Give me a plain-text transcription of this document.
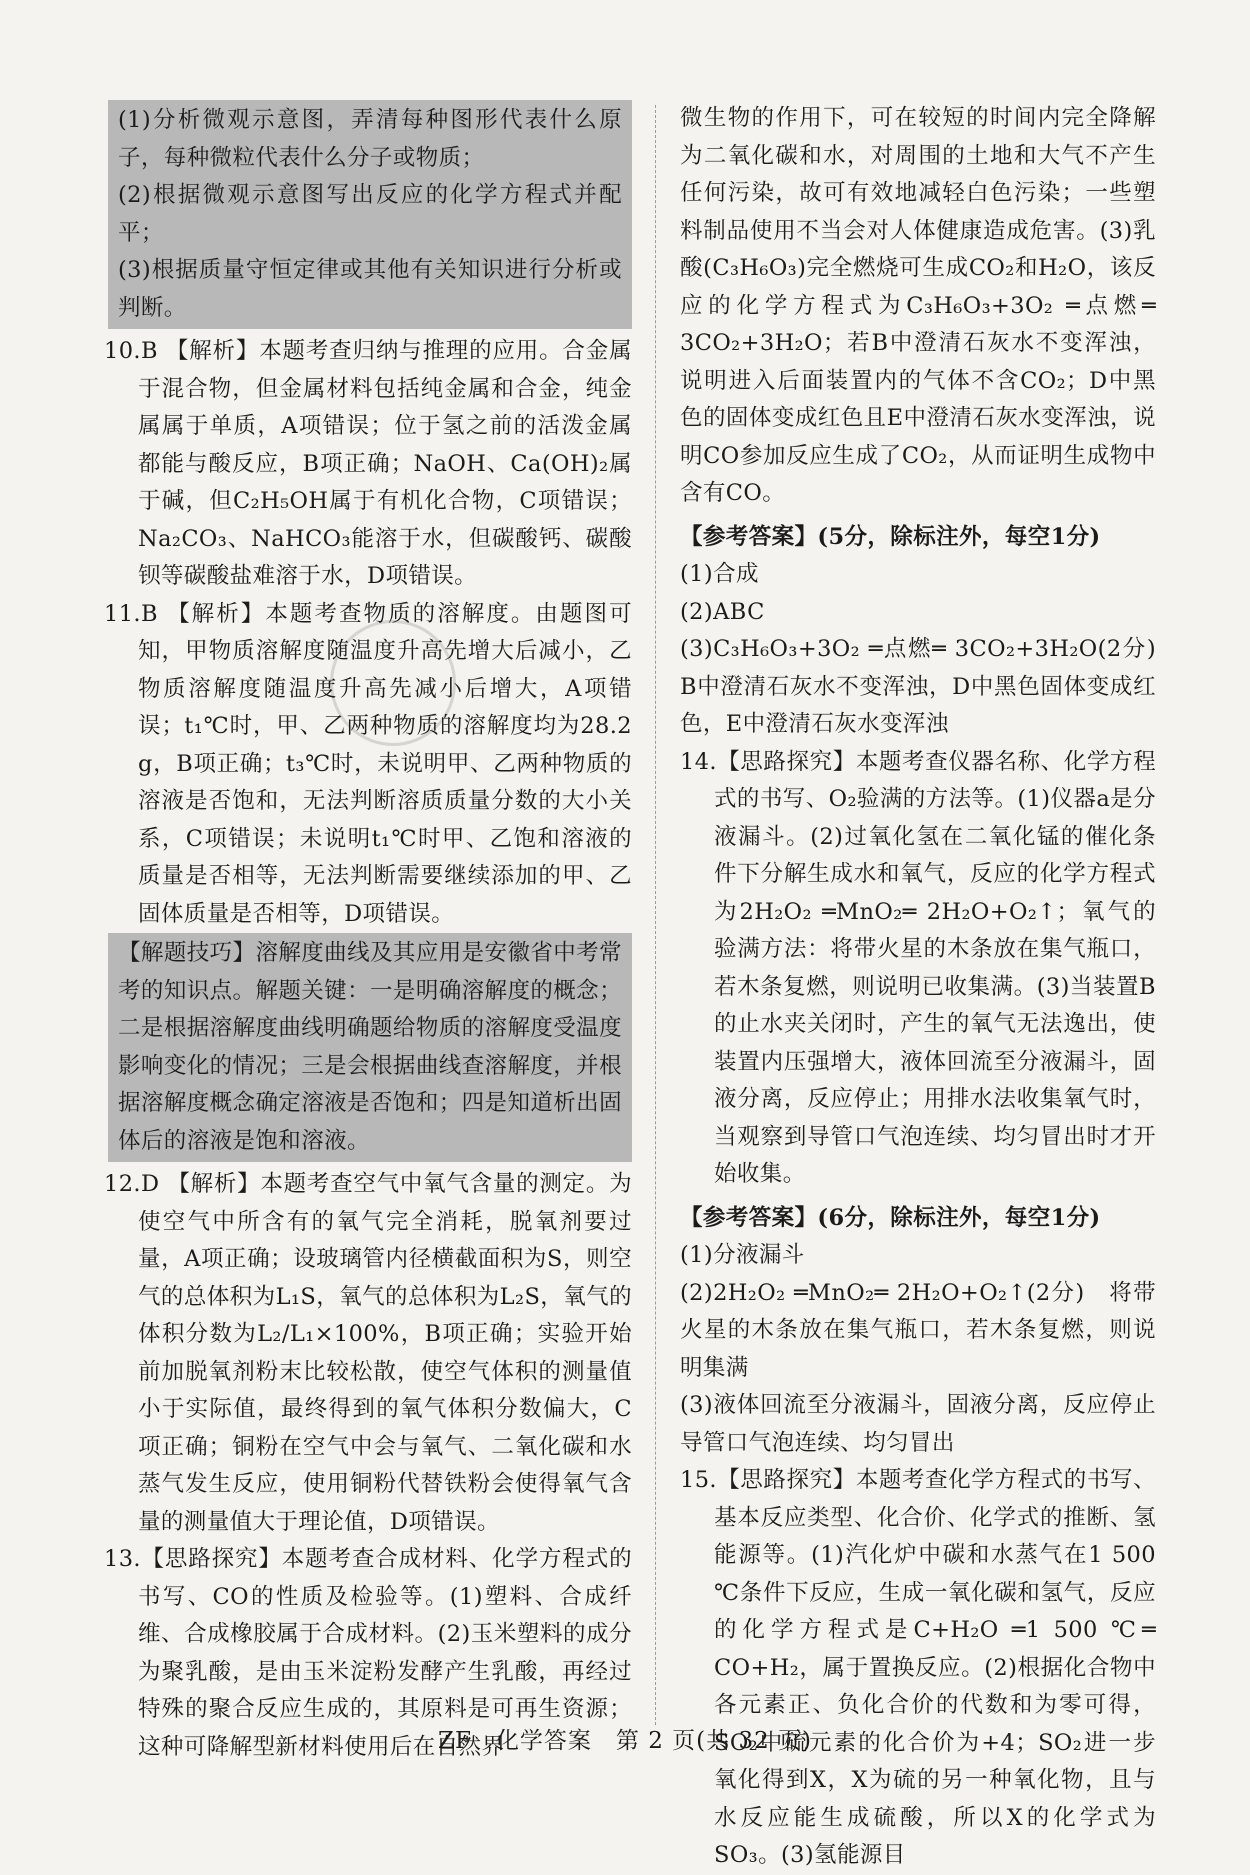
(1)分析微观示意图，弄清每种图形代表什么原子，每种微粒代表什么分子或物质；

(2)根据微观示意图写出反应的化学方程式并配平；

(3)根据质量守恒定律或其他有关知识进行分析或判断。

10.B 【解析】本题考查归纳与推理的应用。合金属于混合物，但金属材料包括纯金属和合金，纯金属属于单质，A项错误；位于氢之前的活泼金属都能与酸反应，B项正确；NaOH、Ca(OH)₂属于碱，但C₂H₅OH属于有机化合物，C项错误；Na₂CO₃、NaHCO₃能溶于水，但碳酸钙、碳酸钡等碳酸盐难溶于水，D项错误。

11.B 【解析】本题考查物质的溶解度。由题图可知，甲物质溶解度随温度升高先增大后减小，乙物质溶解度随温度升高先减小后增大，A项错误；t₁℃时，甲、乙两种物质的溶解度均为28.2 g，B项正确；t₃℃时，未说明甲、乙两种物质的溶液是否饱和，无法判断溶质质量分数的大小关系，C项错误；未说明t₁℃时甲、乙饱和溶液的质量是否相等，无法判断需要继续添加的甲、乙固体质量是否相等，D项错误。

【解题技巧】溶解度曲线及其应用是安徽省中考常考的知识点。解题关键：一是明确溶解度的概念；二是根据溶解度曲线明确题给物质的溶解度受温度影响变化的情况；三是会根据曲线查溶解度，并根据溶解度概念确定溶液是否饱和；四是知道析出固体后的溶液是饱和溶液。

12.D 【解析】本题考查空气中氧气含量的测定。为使空气中所含有的氧气完全消耗，脱氧剂要过量，A项正确；设玻璃管内径横截面积为S，则空气的总体积为L₁S，氧气的总体积为L₂S，氧气的体积分数为L₂/L₁×100%，B项正确；实验开始前加脱氧剂粉末比较松散，使空气体积的测量值小于实际值，最终得到的氧气体积分数偏大，C项正确；铜粉在空气中会与氧气、二氧化碳和水蒸气发生反应，使用铜粉代替铁粉会使得氧气含量的测量值大于理论值，D项错误。

13.【思路探究】本题考查合成材料、化学方程式的书写、CO的性质及检验等。(1)塑料、合成纤维、合成橡胶属于合成材料。(2)玉米塑料的成分为聚乳酸，是由玉米淀粉发酵产生乳酸，再经过特殊的聚合反应生成的，其原料是可再生资源；这种可降解型新材料使用后在自然界

微生物的作用下，可在较短的时间内完全降解为二氧化碳和水，对周围的土地和大气不产生任何污染，故可有效地减轻白色污染；一些塑料制品使用不当会对人体健康造成危害。(3)乳酸(C₃H₆O₃)完全燃烧可生成CO₂和H₂O，该反应的化学方程式为C₃H₆O₃+3O₂ ═点燃═ 3CO₂+3H₂O；若B中澄清石灰水不变浑浊，说明进入后面装置内的气体不含CO₂；D中黑色的固体变成红色且E中澄清石灰水变浑浊，说明CO参加反应生成了CO₂，从而证明生成物中含有CO。

【参考答案】(5分，除标注外，每空1分)

(1)合成

(2)ABC

(3)C₃H₆O₃+3O₂ ═点燃═ 3CO₂+3H₂O(2分)　B中澄清石灰水不变浑浊，D中黑色固体变成红色，E中澄清石灰水变浑浊

14.【思路探究】本题考查仪器名称、化学方程式的书写、O₂验满的方法等。(1)仪器a是分液漏斗。(2)过氧化氢在二氧化锰的催化条件下分解生成水和氧气，反应的化学方程式为2H₂O₂ ═MnO₂═ 2H₂O+O₂↑；氧气的验满方法：将带火星的木条放在集气瓶口，若木条复燃，则说明已收集满。(3)当装置B的止水夹关闭时，产生的氧气无法逸出，使装置内压强增大，液体回流至分液漏斗，固液分离，反应停止；用排水法收集氧气时，当观察到导管口气泡连续、均匀冒出时才开始收集。

【参考答案】(6分，除标注外，每空1分)

(1)分液漏斗

(2)2H₂O₂ ═MnO₂═ 2H₂O+O₂↑(2分)　将带火星的木条放在集气瓶口，若木条复燃，则说明集满

(3)液体回流至分液漏斗，固液分离，反应停止　导管口气泡连续、均匀冒出

15.【思路探究】本题考查化学方程式的书写、基本反应类型、化合价、化学式的推断、氢能源等。(1)汽化炉中碳和水蒸气在1 500 ℃条件下反应，生成一氧化碳和氢气，反应的化学方程式是C+H₂O ═1 500 ℃═ CO+H₂，属于置换反应。(2)根据化合物中各元素正、负化合价的代数和为零可得，SO₂中硫元素的化合价为+4；SO₂进一步氧化得到X，X为硫的另一种氧化物，且与水反应能生成硫酸，所以X的化学式为SO₃。(3)氢能源目

ZF　化学答案　第 2 页(共 32 页)
